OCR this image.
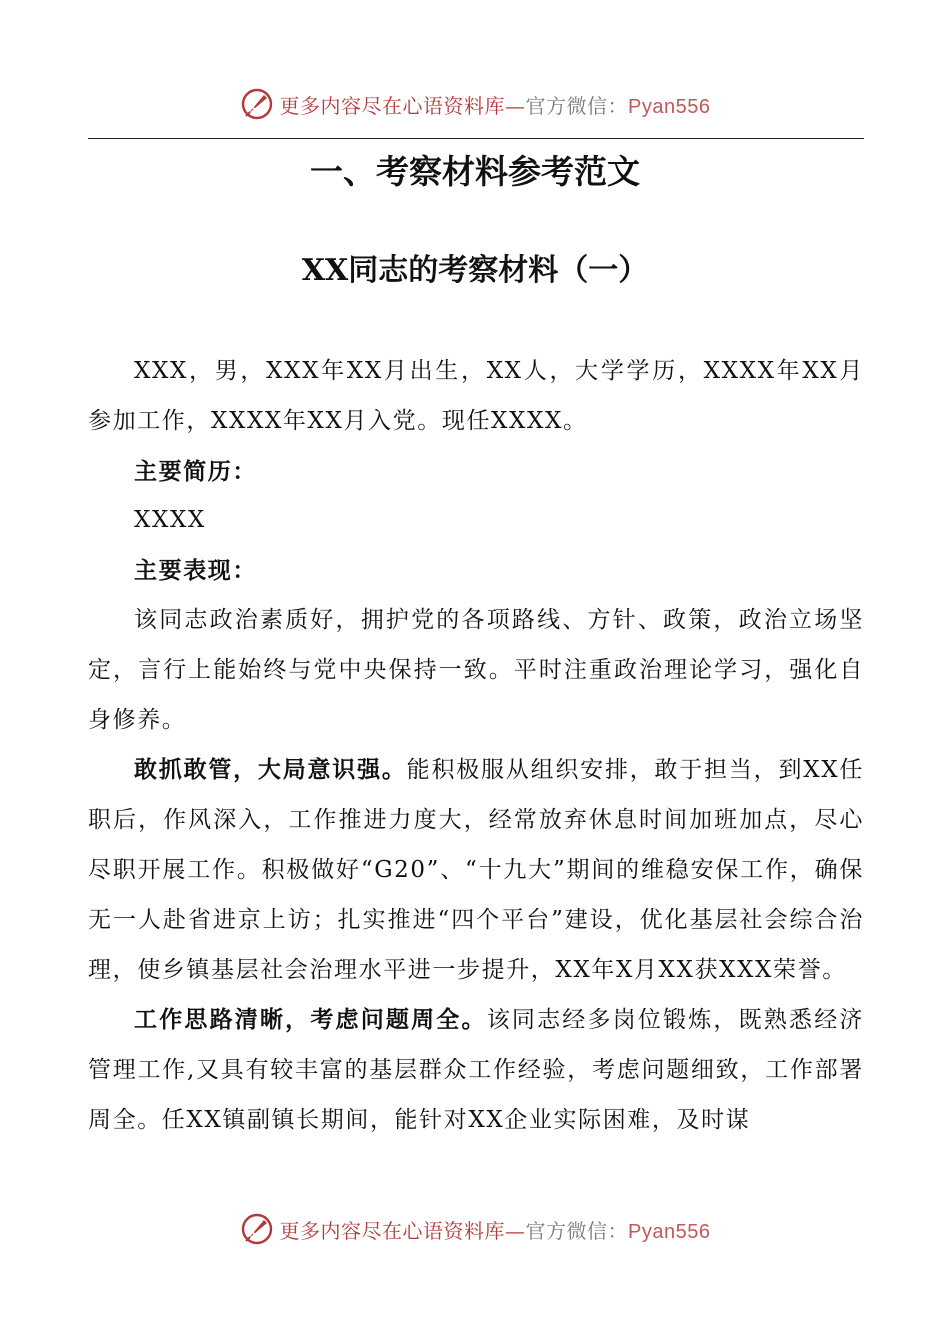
更多内容尽在心语资料库—官方微信：Pyan556
一、考察材料参考范文
XX同志的考察材料（一）

XXX，男，XXX年XX月出生，XX人，大学学历，XXXX年XX月参加工作，XXXX年XX月入党。现任XXXX。

主要简历：

XXXX

主要表现：

该同志政治素质好，拥护党的各项路线、方针、政策，政治立场坚定，言行上能始终与党中央保持一致。平时注重政治理论学习，强化自身修养。

敢抓敢管，大局意识强。能积极服从组织安排，敢于担当，到XX任职后，作风深入，工作推进力度大，经常放弃休息时间加班加点，尽心尽职开展工作。积极做好“G20”、“十九大”期间的维稳安保工作，确保无一人赴省进京上访；扎实推进“四个平台”建设，优化基层社会综合治理，使乡镇基层社会治理水平进一步提升，XX年X月XX获XXX荣誉。

工作思路清晰，考虑问题周全。该同志经多岗位锻炼，既熟悉经济管理工作,又具有较丰富的基层群众工作经验，考虑问题细致，工作部署周全。任XX镇副镇长期间，能针对XX企业实际困难，及时谋

更多内容尽在心语资料库—官方微信：Pyan556
